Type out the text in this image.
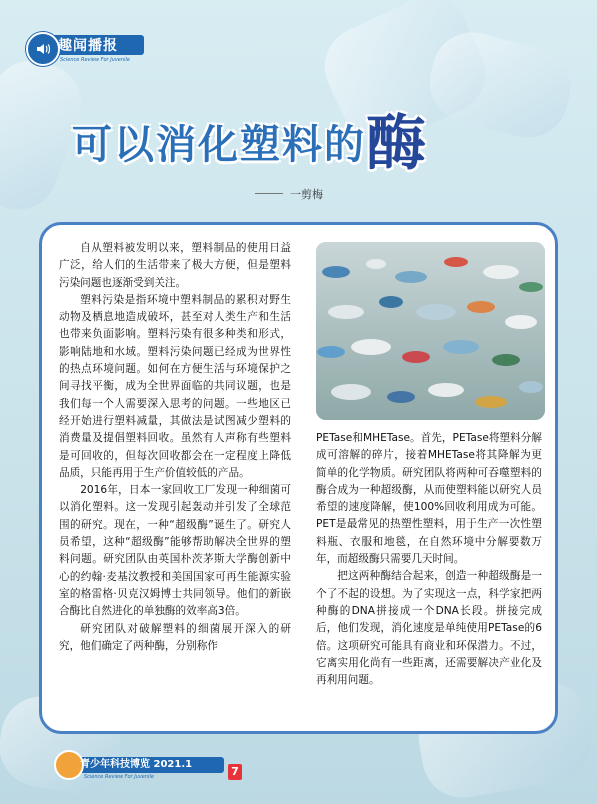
趣闻播报
Science Review For Juvenile
可以消化塑料的酶
一剪梅

自从塑料被发明以来，塑料制品的使用日益广泛，给人们的生活带来了极大方便，但是塑料污染问题也逐渐受到关注。

塑料污染是指环境中塑料制品的累积对野生动物及栖息地造成破坏，甚至对人类生产和生活也带来负面影响。塑料污染有很多种类和形式，影响陆地和水域。塑料污染问题已经成为世界性的热点环境问题。如何在方便生活与环境保护之间寻找平衡，成为全世界面临的共同议题，也是我们每一个人需要深入思考的问题。一些地区已经开始进行塑料减量，其做法是试图减少塑料的消费量及提倡塑料回收。虽然有人声称有些塑料是可回收的，但每次回收都会在一定程度上降低品质，只能再用于生产价值较低的产品。

2016年，日本一家回收工厂发现一种细菌可以消化塑料。这一发现引起轰动并引发了全球范围的研究。现在，一种“超级酶”诞生了。研究人员希望，这种“超级酶”能够帮助解决全世界的塑料问题。研究团队由英国朴茨茅斯大学酶创新中心的约翰·麦基汶教授和美国国家可再生能源实验室的格雷格·贝克汉姆博士共同领导。他们的新嵌合酶比自然进化的单独酶的效率高3倍。

研究团队对破解塑料的细菌展开深入的研究，他们确定了两种酶，分别称作

PETase和MHETase。首先，PETase将塑料分解成可溶解的碎片，接着MHETase将其降解为更简单的化学物质。研究团队将两种可吞噬塑料的酶合成为一种超级酶，从而使塑料能以研究人员希望的速度降解，使100%回收利用成为可能。PET是最常见的热塑性塑料，用于生产一次性塑料瓶、衣服和地毯，在自然环境中分解要数万年，而超级酶只需要几天时间。

把这两种酶结合起来，创造一种超级酶是一个了不起的设想。为了实现这一点，科学家把两种酶的DNA拼接成一个DNA长段。拼接完成后，他们发现，消化速度是单纯使用PETase的6倍。这项研究可能具有商业和环保潜力。不过，它离实用化尚有一些距离，还需要解决产业化及再利用问题。

青少年科技博览 2021.1
Science Review For Juvenile	7
